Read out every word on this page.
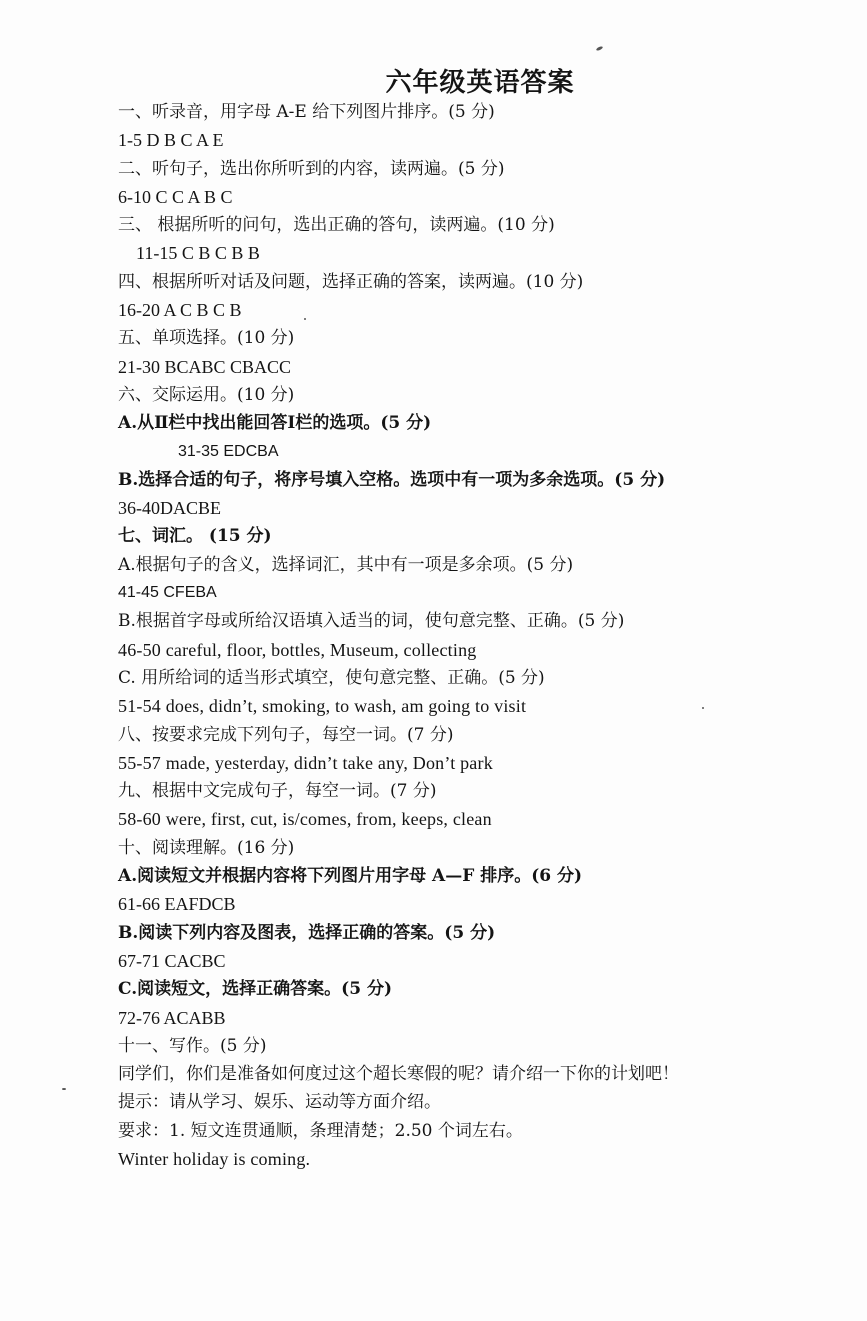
六年级英语答案
一、听录音，用字母 A-E 给下列图片排序。(5 分)
1-5 D B C A E
二、听句子，选出你所听到的内容，读两遍。(5 分)
6-10 C C A B C
三、 根据所听的问句，选出正确的答句，读两遍。(10 分)
11-15 C B C B B
四、根据所听对话及问题，选择正确的答案，读两遍。(10 分)
16-20 A C B C B
五、单项选择。(10 分)
21-30 BCABC CBACC
六、交际运用。(10 分)
A.从Ⅱ栏中找出能回答Ⅰ栏的选项。(5 分)
31-35 EDCBA
B.选择合适的句子，将序号填入空格。选项中有一项为多余选项。(5 分)
36-40DACBE
七、词汇。 (15 分)
A.根据句子的含义，选择词汇，其中有一项是多余项。(5 分)
41-45 CFEBA
B.根据首字母或所给汉语填入适当的词，使句意完整、正确。(5 分)
46-50 careful, floor, bottles, Museum, collecting
C. 用所给词的适当形式填空，使句意完整、正确。(5 分)
51-54 does, didn’t, smoking, to wash, am going to visit
八、按要求完成下列句子，每空一词。(7 分)
55-57 made, yesterday, didn’t take any, Don’t park
九、根据中文完成句子，每空一词。(7 分)
58-60 were, first, cut, is/comes, from, keeps, clean
十、阅读理解。(16 分)
A.阅读短文并根据内容将下列图片用字母 A—F 排序。(6 分)
61-66 EAFDCB
B.阅读下列内容及图表，选择正确的答案。(5 分)
67-71 CACBC
C.阅读短文，选择正确答案。(5 分)
72-76 ACABB
十一、写作。(5 分)
同学们，你们是准备如何度过这个超长寒假的呢？请介绍一下你的计划吧！
提示：请从学习、娱乐、运动等方面介绍。
要求：1. 短文连贯通顺，条理清楚；2.50 个词左右。
Winter holiday is coming.
